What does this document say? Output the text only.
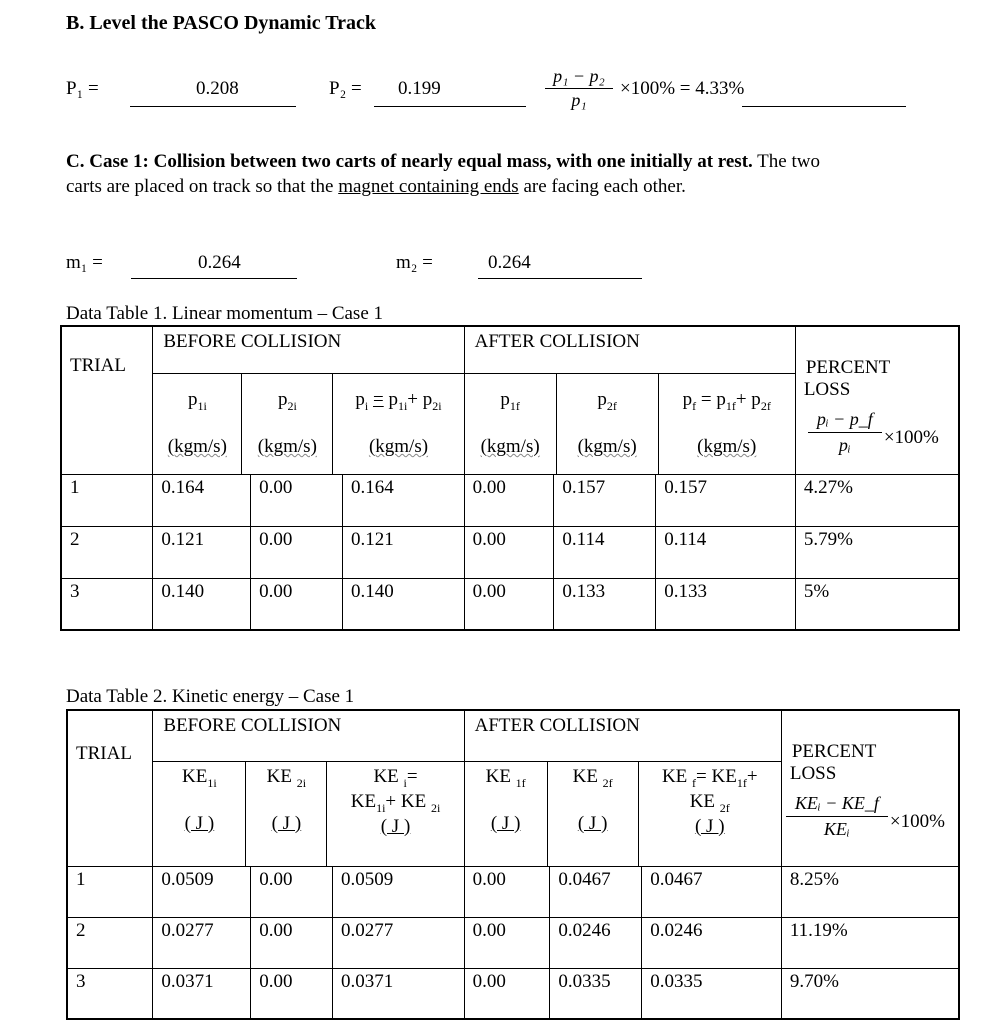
B. Level the PASCO Dynamic Track
P₁ =	0.208	P₂ = 0.199
p₁ − p₂
p₁
×100% = 4.33%
C. Case 1: Collision between two carts of nearly equal mass, with one initially at rest. The two
carts are placed on track so that the magnet containing ends are facing each other.
m₁ =	0.264	m₂ =	0.264
Data Table 1. Linear momentum – Case 1
TRIAL	
BEFORE COLLISION
$p_{1i}$

(kgm/s)	$p_{2i}$

(kgm/s)	$p_i = p_{1i}+ p_{2i}$

(kgm/s)

AFTER COLLISION
$p_{1f}$

(kgm/s)	$p_{2f}$

(kgm/s)	$p_f = p_{1f}+ p_{2f}$

(kgm/s)

PERCENT
LOSS
pᵢ − p_f
pᵢ	×100%

1	0.164	0.00	0.164	0.00	0.157	0.157	4.27%
2	0.121	0.00	0.121	0.00	0.114	0.114	5.79%
3	0.140	0.00	0.140	0.00	0.133	0.133	5%
Data Table 2. Kinetic energy – Case 1
TRIAL	
BEFORE COLLISION
$KE_{1i}$

( J )	KE $_{2i}$

( J )	KE $_i$=
$KE_{1i}+$ KE $_{2i}$
( J )

AFTER COLLISION
KE $_{1f}$

( J )	KE $_{2f}$

( J )	KE $_f= KE_{1f}+$
KE $_{2f}$
( J )

PERCENT
LOSS
KEᵢ − KE_f
KEᵢ	×100%

1	0.0509	0.00	0.0509	0.00	0.0467	0.0467	8.25%
2	0.0277	0.00	0.0277	0.00	0.0246	0.0246	11.19%
3	0.0371	0.00	0.0371	0.00	0.0335	0.0335	9.70%
